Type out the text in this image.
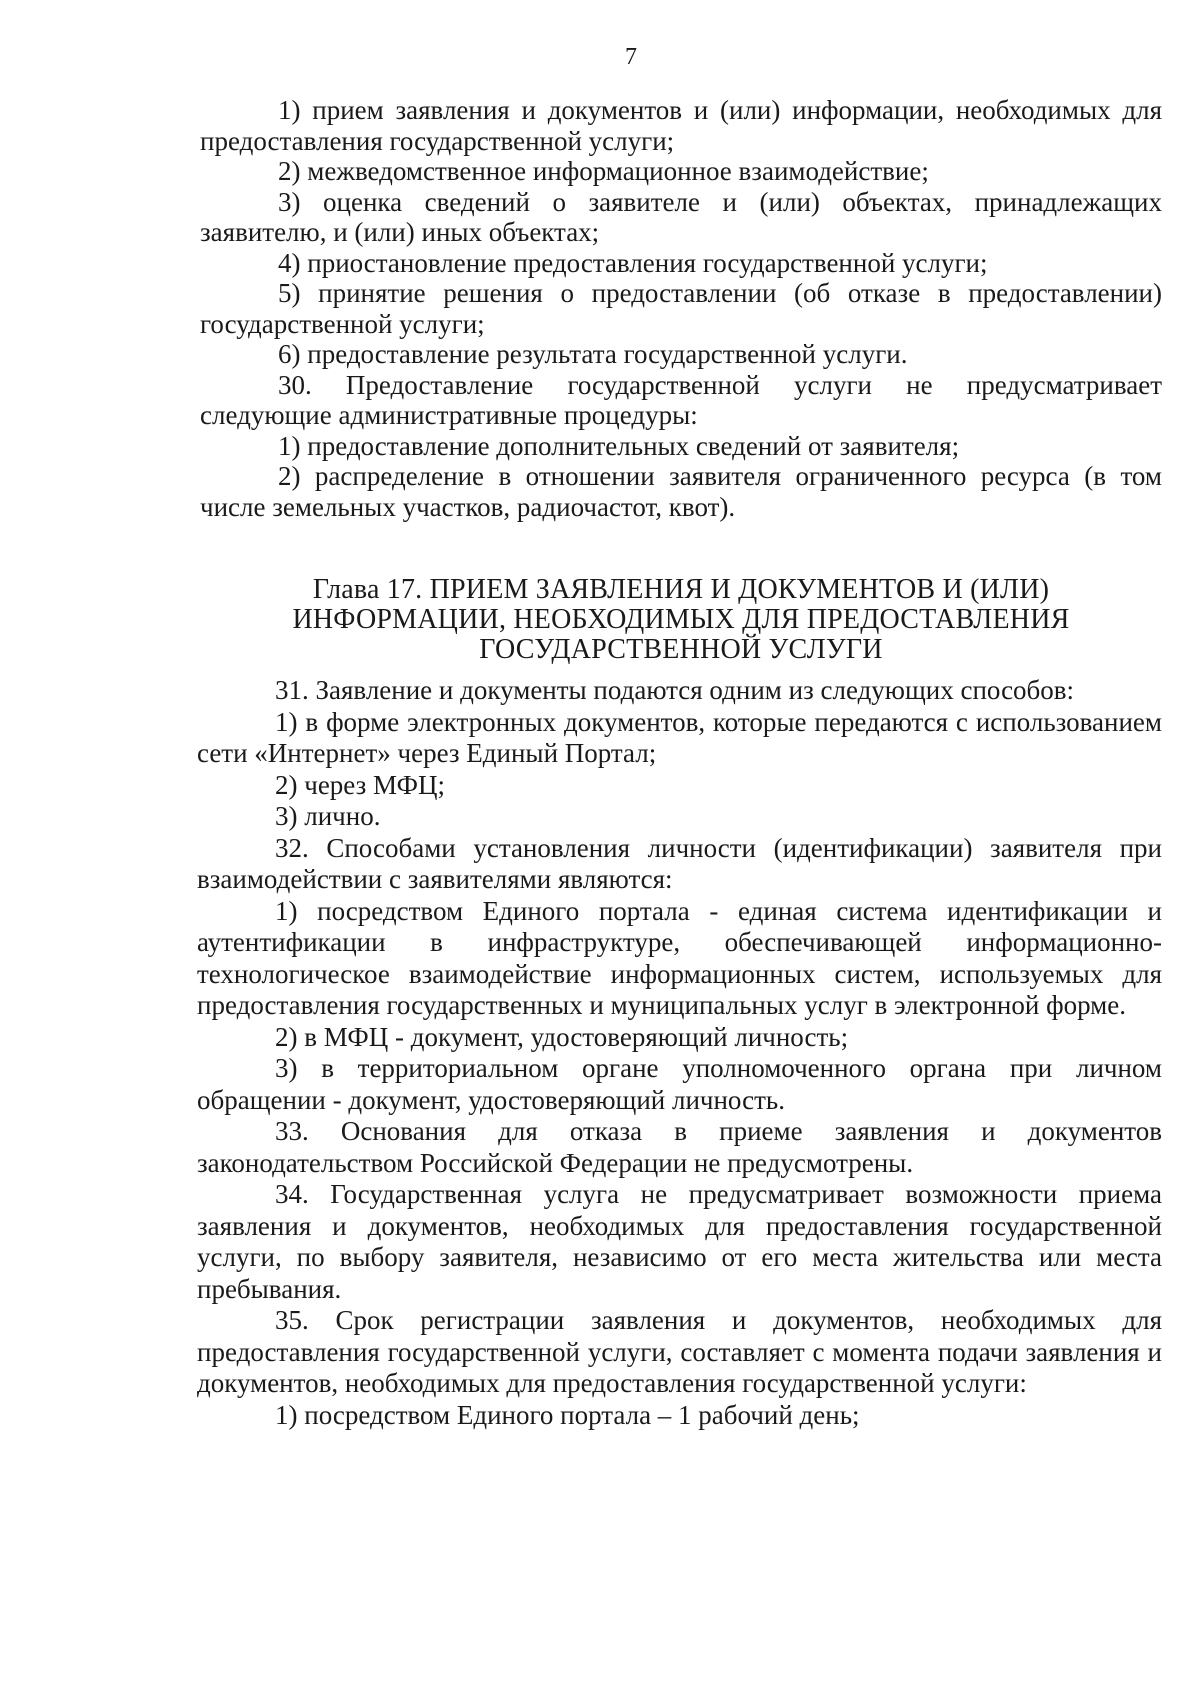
7

1) прием заявления и документов и (или) информации, необходимых для предоставления государственной услуги;

2) межведомственное информационное взаимодействие;

3) оценка сведений о заявителе и (или) объектах, принадлежащих заявителю, и (или) иных объектах;

4) приостановление предоставления государственной услуги;

5) принятие решения о предоставлении (об отказе в предоставлении) государственной услуги;

6) предоставление результата государственной услуги.

30. Предоставление государственной услуги не предусматривает следующие административные процедуры:

1) предоставление дополнительных сведений от заявителя;

2) распределение в отношении заявителя ограниченного ресурса (в том числе земельных участков, радиочастот, квот).

Глава 17. ПРИЕМ ЗАЯВЛЕНИЯ И ДОКУМЕНТОВ И (ИЛИ)
ИНФОРМАЦИИ, НЕОБХОДИМЫХ ДЛЯ ПРЕДОСТАВЛЕНИЯ
ГОСУДАРСТВЕННОЙ УСЛУГИ

31. Заявление и документы подаются одним из следующих способов:

1) в форме электронных документов, которые передаются с использованием сети «Интернет» через Единый Портал;

2) через МФЦ;

3) лично.

32. Способами установления личности (идентификации) заявителя при взаимодействии с заявителями являются:

1) посредством Единого портала - единая система идентификации и аутентификации в инфраструктуре, обеспечивающей информационно-технологическое взаимодействие информационных систем, используемых для предоставления государственных и муниципальных услуг в электронной форме.

2) в МФЦ - документ, удостоверяющий личность;

3) в территориальном органе уполномоченного органа при личном обращении - документ, удостоверяющий личность.

33. Основания для отказа в приеме заявления и документов законодательством Российской Федерации не предусмотрены.

34. Государственная услуга не предусматривает возможности приема заявления и документов, необходимых для предоставления государственной услуги, по выбору заявителя, независимо от его места жительства или места пребывания.

35. Срок регистрации заявления и документов, необходимых для предоставления государственной услуги, составляет с момента подачи заявления и документов, необходимых для предоставления государственной услуги:

1) посредством Единого портала – 1 рабочий день;
